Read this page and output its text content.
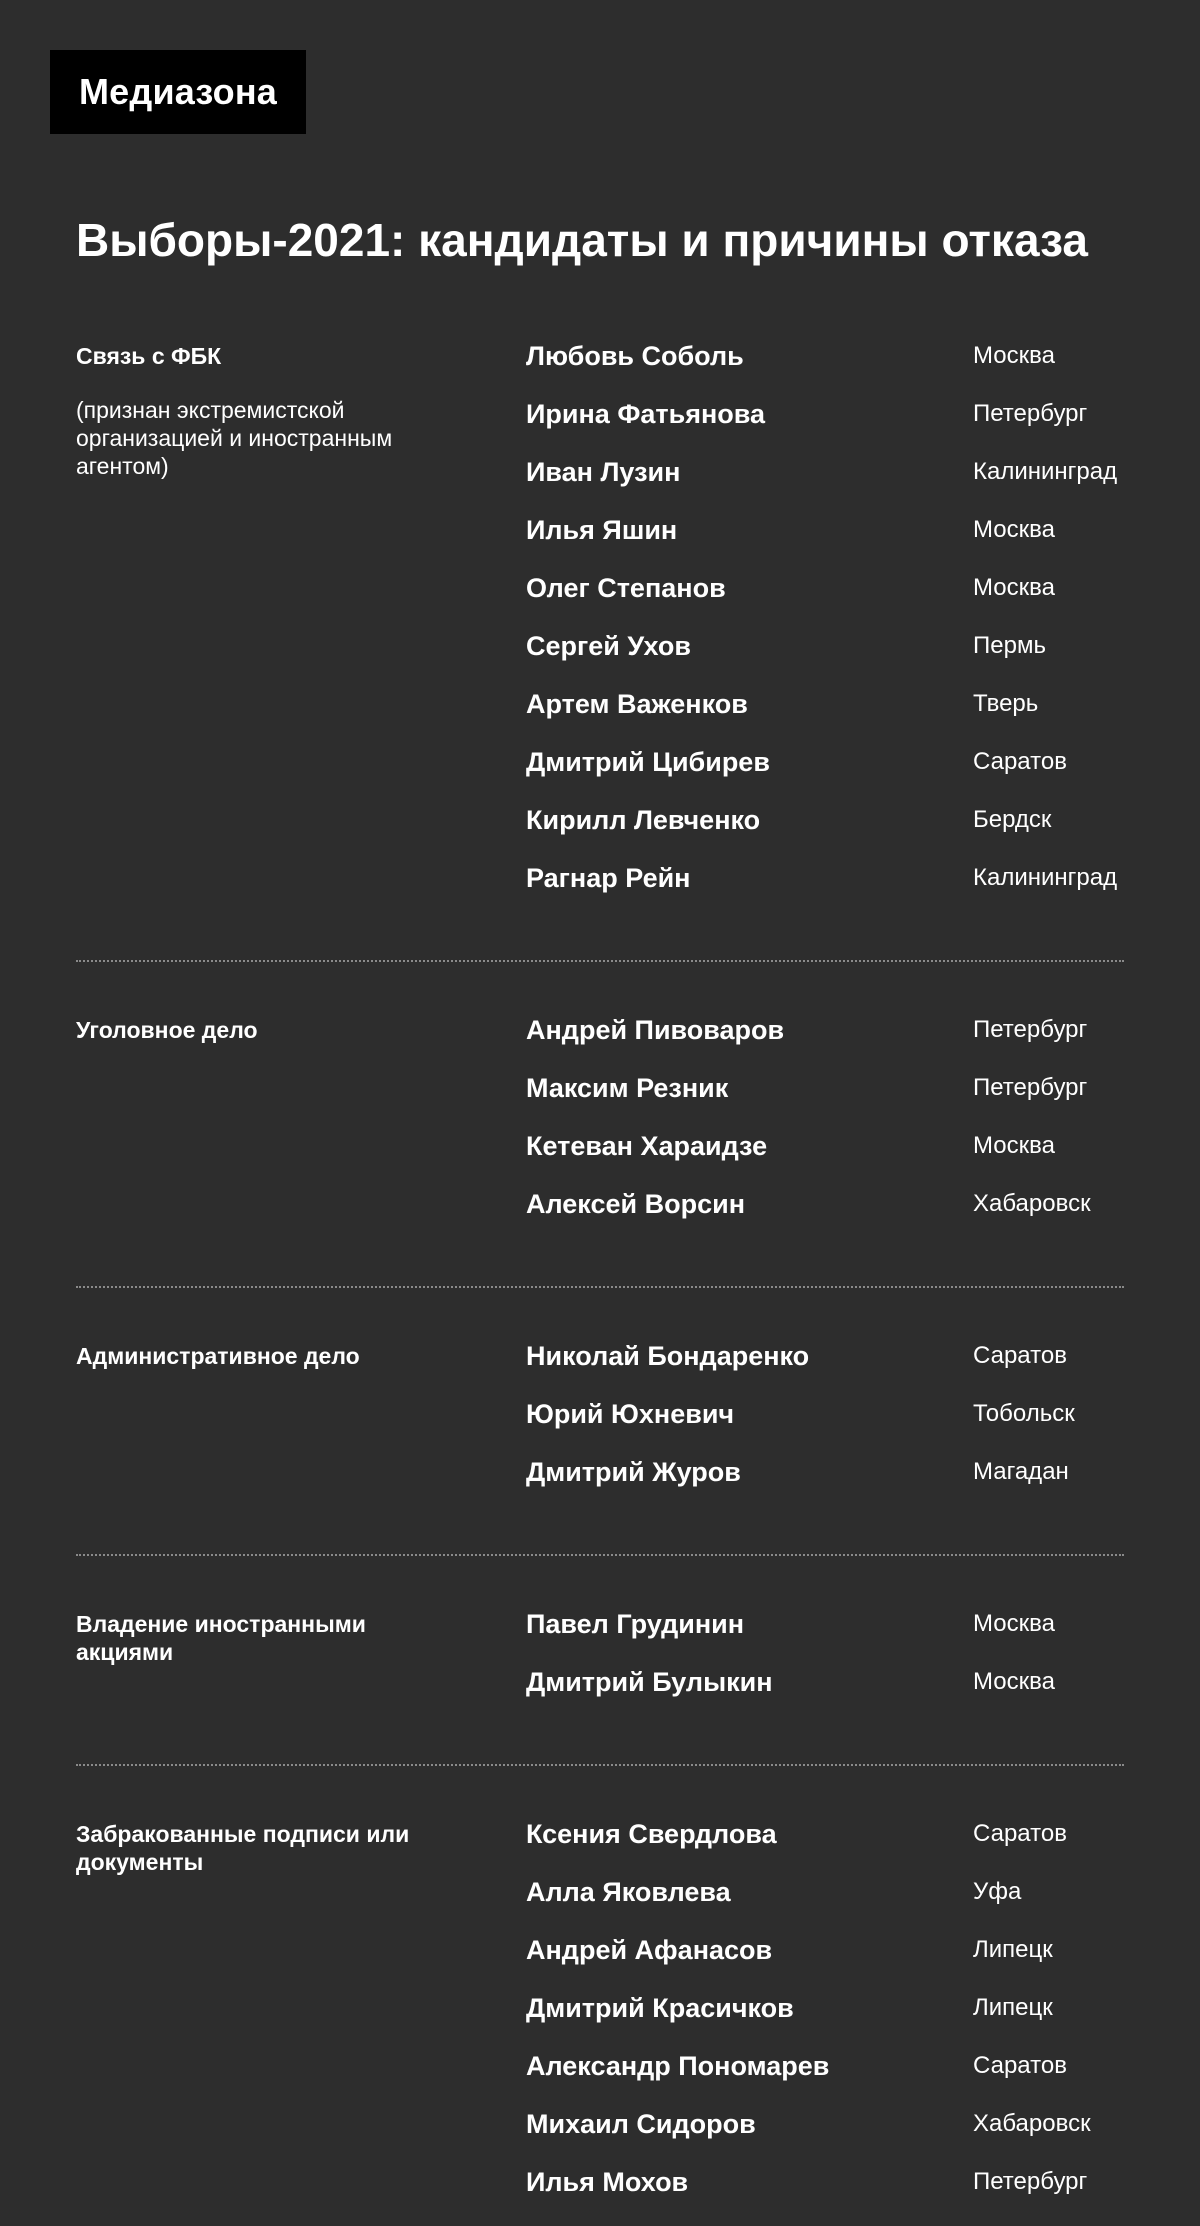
Медиазона
Выборы-2021: кандидаты и причины отказа
Связь с ФБК
(признан экстремистской организацией и иностранным агентом)
Любовь Соболь	Москва
Ирина Фатьянова	Петербург
Иван Лузин	Калининград
Илья Яшин	Москва
Олег Степанов	Москва
Сергей Ухов	Пермь
Артем Важенков	Тверь
Дмитрий Цибирев	Саратов
Кирилл Левченко	Бердск
Рагнар Рейн	Калининград
Уголовное дело	Андрей Пивоваров	Петербург
Максим Резник	Петербург
Кетеван Хараидзе	Москва
Алексей Ворсин	Хабаровск
Административное дело	Николай Бондаренко	Саратов
Юрий Юхневич	Тобольск
Дмитрий Журов	Магадан
Владение иностранными акциями
Павел Грудинин	Москва
Дмитрий Булыкин	Москва
Забракованные подписи или документы
Ксения Свердлова	Саратов
Алла Яковлева	Уфа
Андрей Афанасов	Липецк
Дмитрий Красичков	Липецк
Александр Пономарев	Саратов
Михаил Сидоров	Хабаровск
Илья Мохов	Петербург
